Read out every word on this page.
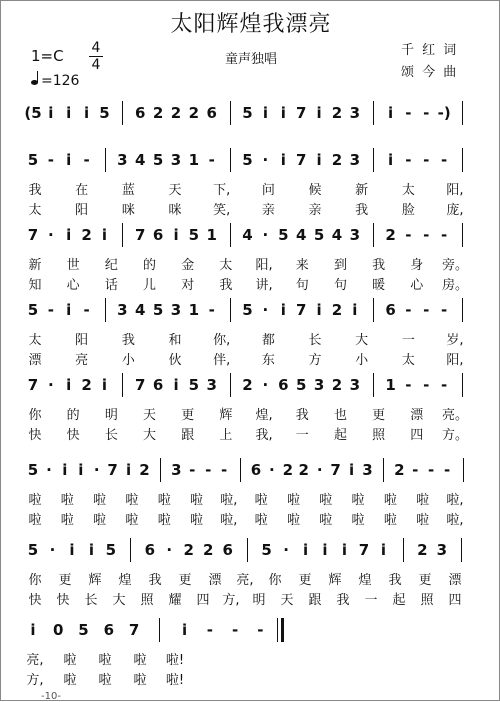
太阳辉煌我漂亮
1=C 4
4
=126
童声独唱
千 红 词
颂 今 曲
(5 i i i 5 6 2 2 2 6 5 i i 7 i 2 3 i - - -)
5 - i - 3 4 5 3 1 - 5 · i 7 i 2 3 i - - -
我	在	蓝	天 下, 问	候	新	太 阳,
太	阳	咪	咪 笑, 亲	亲	我	脸 庞,
7 · i 2 i 7 6 i 5 1 4 · 5 4 5 4 3 2 - - -
新 世 纪 的 金 太 阳, 来 到 我 身 旁。
知 心 话 儿 对 我 讲, 句 句 暖 心 房。
5 - i - 3 4 5 3 1 - 5 · i 7 i 2 i 6 - - -
太	阳	我	和 你, 都	长	大	一 岁,
漂	亮	小	伙 伴, 东	方	小	太 阳,
7 · i 2 i 7 6 i 5 3 2 · 6 5 3 2 3 1 - - -
你 的 明 天 更 辉 煌, 我 也 更 漂 亮。
快 快 长 大 跟 上 我, 一 起 照 四 方。
5 · i i · 7 i 2 3 - - - 6 · 2 2 · 7 i 3 2 - - -
啦 啦 啦 啦 啦 啦 啦, 啦 啦 啦 啦 啦 啦 啦,
啦 啦 啦 啦 啦 啦 啦, 啦 啦 啦 啦 啦 啦 啦,
5 · i i 5 6 · 2 2 6 5 · i i i 7 i 2 3
你 更 辉 煌 我 更 漂 亮, 你 更 辉 煌 我 更 漂
快 快 长 大 照 耀 四 方, 明 天 跟 我 一 起 照 四
i 0 5 6 7	i - - -
亮, 啦 啦 啦 啦!
方, 啦 啦 啦 啦!
-10-
